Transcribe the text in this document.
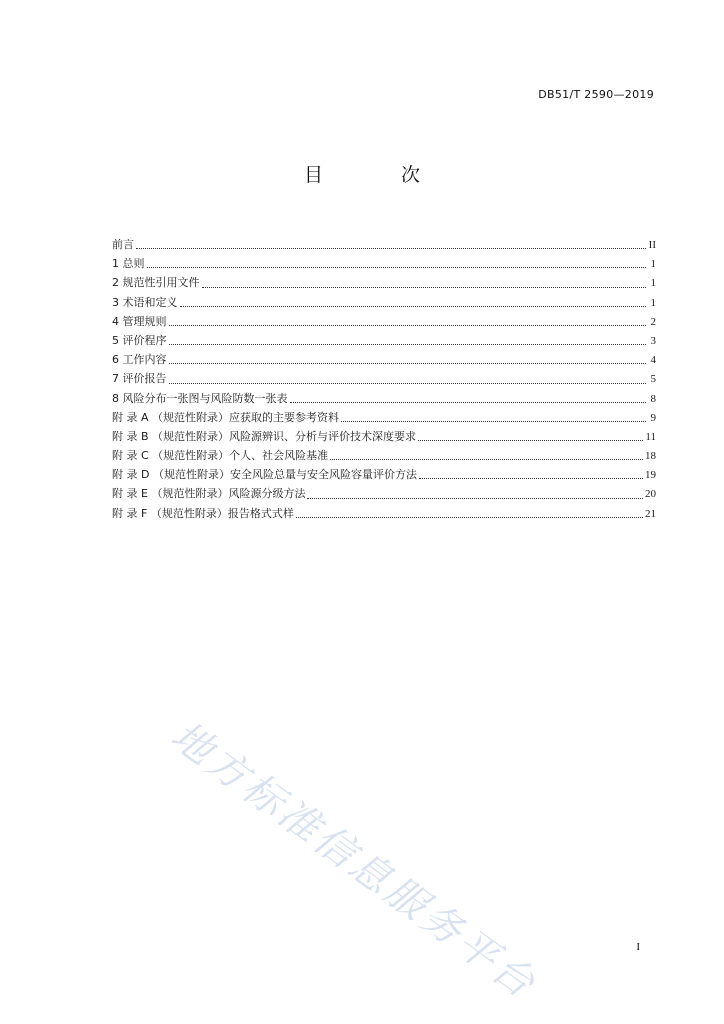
DB51/T 2590—2019
目 次
前言	II
1 总则	1
2 规范性引用文件	1
3 术语和定义	1
4 管理规则	2
5 评价程序	3
6 工作内容	4
7 评价报告	5
8 风险分布一张图与风险防数一张表	8
附 录 A （规范性附录）应获取的主要参考资料	9
附 录 B （规范性附录）风险源辨识、分析与评价技术深度要求	11
附 录 C （规范性附录）个人、社会风险基准	18
附 录 D （规范性附录）安全风险总量与安全风险容量评价方法	19
附 录 E （规范性附录）风险源分级方法	20
附 录 F （规范性附录）报告格式式样	21
地方标准信息服务平台	I
